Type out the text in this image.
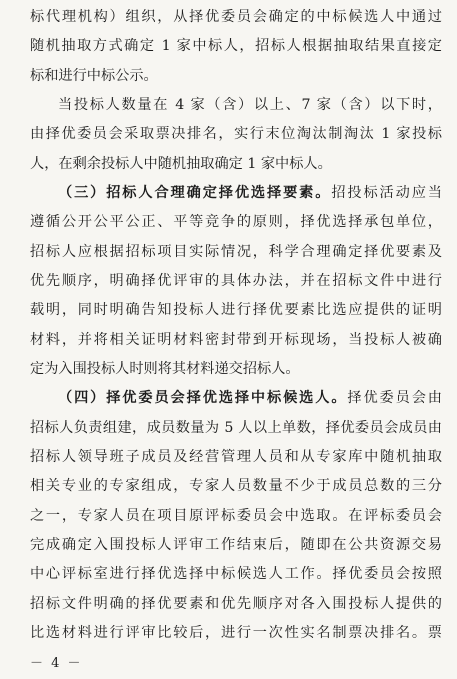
标代理机构）组织，从择优委员会确定的中标候选人中通过
随机抽取方式确定 1 家中标人，招标人根据抽取结果直接定
标和进行中标公示。
当投标人数量在 4 家（含）以上、7 家（含）以下时，
由择优委员会采取票决排名，实行末位淘汰制淘汰 1 家投标
人，在剩余投标人中随机抽取确定 1 家中标人。
（三）招标人合理确定择优选择要素。招投标活动应当
遵循公开公平公正、平等竞争的原则，择优选择承包单位，
招标人应根据招标项目实际情况，科学合理确定择优要素及
优先顺序，明确择优评审的具体办法，并在招标文件中进行
载明，同时明确告知投标人进行择优要素比选应提供的证明
材料，并将相关证明材料密封带到开标现场，当投标人被确
定为入围投标人时则将其材料递交招标人。
（四）择优委员会择优选择中标候选人。择优委员会由
招标人负责组建，成员数量为 5 人以上单数，择优委员会成员由
招标人领导班子成员及经营管理人员和从专家库中随机抽取
相关专业的专家组成，专家人员数量不少于成员总数的三分
之一，专家人员在项目原评标委员会中选取。在评标委员会
完成确定入围投标人评审工作结束后，随即在公共资源交易
中心评标室进行择优选择中标候选人工作。择优委员会按照
－ 4 －
招标文件明确的择优要素和优先顺序对各入围投标人提供的
比选材料进行评审比较后，进行一次性实名制票决排名。票
